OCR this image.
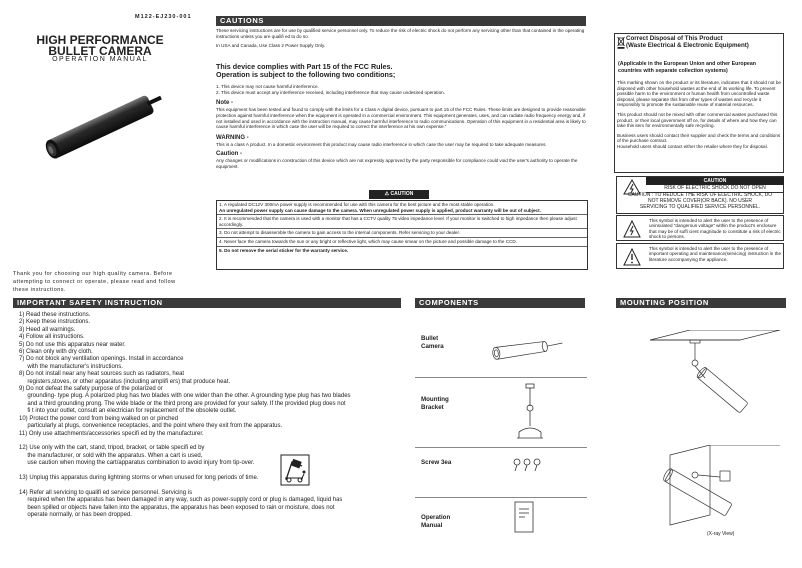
M122-EJ230-001
HIGH PERFORMANCE
BULLET CAMERA
OPERATION MANUAL
Thank you for choosing our high quality camera. Before attempting to connect or operate, please read and follow these instructions.
CAUTIONS
These servicing instructions are for use by qualified service personnel only. To reduce the risk of electric shock do not perform any servicing other than that contained in the operating instructions unless you are qualifi ed to do so.
In USA and Canada, Use Class 2 Power Supply Only.
This device complies with Part 15 of the FCC Rules.
Operation is subject to the following two conditions;
1. This device may not cause harmful interference.
2. This device must accept any interference received, including interference that may cause undesired operation.
Note -
This equipment has been tested and found to comply with the limits for a Class A digital device, pursuant to part 15 of the FCC Rules. These limits are designed to provide reasonable protection against harmful interference when the equipment is operated in a commercial environment. This equipment generates, uses, and can radiate radio frequency energy and, if not installed and used in accordance with the instruction manual, may cause harmful interference to radio communications. Operation of this equipment in a residential area is likely to cause harmful interference in which case the user will be required to correct the interference at his own expense."
WARNING -
This is a class A product. In a domestic environment this product may cause radio interference in which case the user may be required to take adequate measures.
Caution -
Any changes or modifications in construction of this device which are not expressly approved by the party responsible for compliance could void the user's authority to operate the equipment.
⚠ CAUTION
1. A regulated DC12V 300mA power supply is recommended for use with this camera for the best picture and the most stable operation.
An unregulated power supply can cause damage to the camera. When unregulated power supply is applied, product warranty will be out of subject.
2. It is recommended that the camera is used with a monitor that has a CCTV quality 75 video impedance level. If your monitor is switched to high impedance then please adjust accordingly.
3. Do not attempt to disassemble the camera to gain access to the internal components. Refer servicing to your dealer.
4. Never face the camera towards the sun or any bright or reflective light, which may cause smear on the picture and possible damage to the CCD.
5. Do not remove the serial sticker for the warranty service.
Correct Disposal of This Product
(Waste Electrical & Electronic Equipment)
(Applicable in the European Union and other European
countries with separate collection systems)
This marking shown on the product or its literature, indicates that it should not be disposed with other household wastes at the end of its working life. To prevent possible harm to the environment or human health from uncontrolled waste disposal, please separate this from other types of wastes and recycle it responsibly to promote the sustainable reuse of material resources.
This product should not be mixed with other commercial wastes purchased this product, or their local government off ce, for details of where and how they can take this item for environmentally safe recycling.
Business users should contact their supplier and check the terms and conditions of the purchase contract.
Household users should contact either the retailer where they for disposal.
CAUTION
RISK OF ELECTRIC SHOCK DO NOT OPEN
CAUTION : TO REDUCE THE RISK OF ELECTRIC SHOCK, DO
NOT REMOVE COVER(OR BACK). NO USER
SERVICING TO QUALIFIED SERVICE PERSONNEL.
This symbol is intended to alert the user to the presence of uninsulated "dangerous voltage" within the product's enclosure that may be of suffi cient magnitude to constitute a risk of electric shock to persons.
This symbol is intended to alert the user to the presence of important operating and maintenance(servicing) instruction in the literature accompanying the appliance.
IMPORTANT SAFETY INSTRUCTION
1) Read these instructions.
2) Keep these instructions.
3) Heed all warnings.
4) Follow all instructions.
5) Do not use this apparatus near water.
6) Clean only with dry cloth.
7) Do not block any ventilation openings. Install in accordance
with the manufacturer's instructions.
8) Do not install near any heat sources such as radiators, heat
registers,stoves, or other apparatus (including amplifi ers) that produce heat.
9) Do not defeat the safety purpose of the polarized or
grounding- type plug. A polarized plug has two blades with one wider than the other. A grounding type plug has two blades
and a third grounding prong. The wide blade or the third prong are provided for your safety. If the provided plug does not
fi t into your outlet, consult an electrician for replacement of the obsolete outlet.
10) Protect the power cord from being walked on or pinched
particularly at plugs, convenience receptacles, and the point where they exit from the apparatus.
11) Only use attachments/accessories specifi ed by the manufacturer.
12) Use only with the cart, stand, tripod, bracket, or table specifi ed by
the manufacturer, or sold with the apparatus. When a cart is used,
use caution when moving the cart/apparatus combination to avoid injury from tip-over.
13) Unplug this apparatus during lightning storms or when unused for long periods of time.
14) Refer all servicing to qualifi ed service personnel. Servicing is
required when the apparatus has been damaged in any way, such as power-supply cord or plug is damaged, liquid has
been spilled or objects have fallen into the apparatus, the apparatus has been exposed to rain or moisture, does not
operate normally, or has been dropped.
COMPONENTS
Bullet
Camera
Mounting
Bracket
Screw 3ea
Operation
Manual
MOUNTING POSITION
(X-ray View)
